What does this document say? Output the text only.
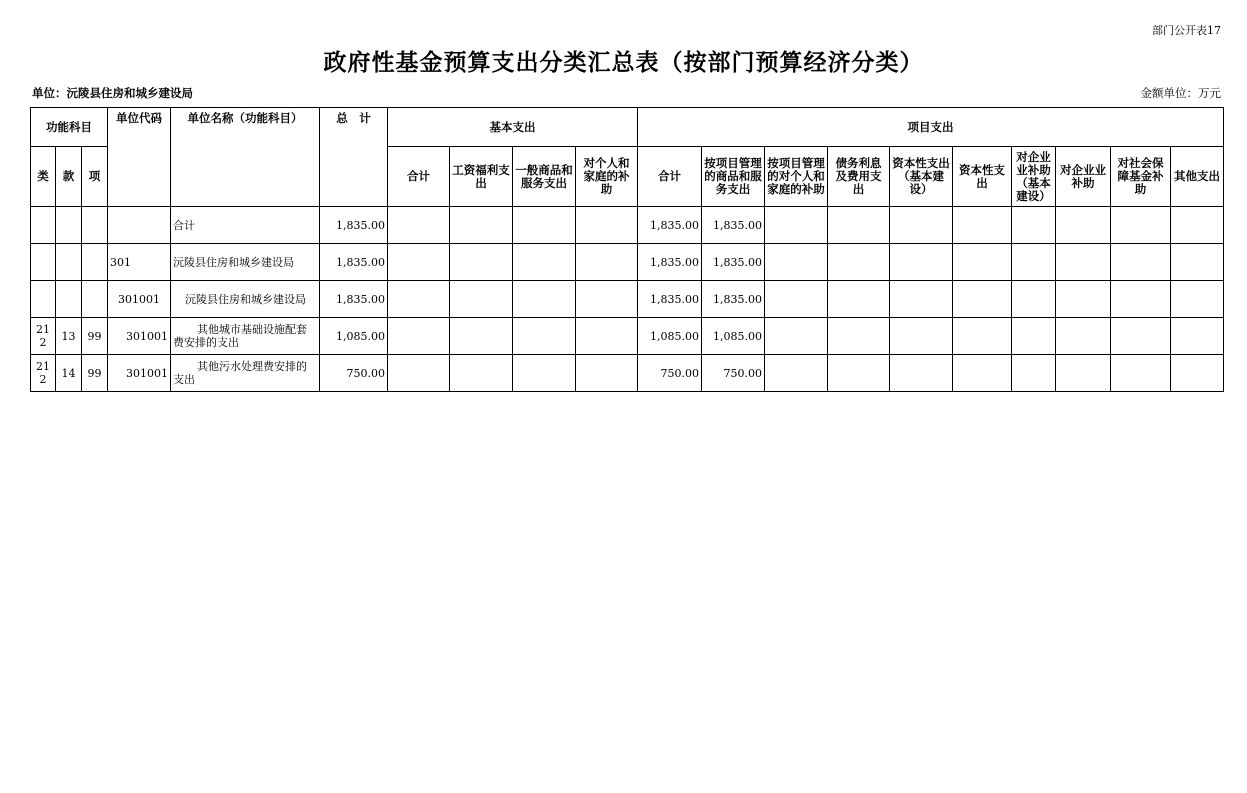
部门公开表17
政府性基金预算支出分类汇总表（按部门预算经济分类）
单位：沅陵县住房和城乡建设局	金额单位：万元
功能科目			单位代码	单位名称（功能科目）	总　计	基本支出				项目支出									
类	款	项				合计	工资福利支出	一般商品和服务支出	对个人和家庭的补助	合计	按项目管理的商品和服务支出	按项目管理的对个人和家庭的补助	债务利息及费用支出	资本性支出（基本建设）	资本性支出	对企业业补助（基本建设）	对企业业补助	对社会保障基金补助	其他支出
				合计	1,835.00					1,835.00	1,835.00								
			301	沅陵县住房和城乡建设局	1,835.00					1,835.00	1,835.00								
			301001	沅陵县住房和城乡建设局	1,835.00					1,835.00	1,835.00								
212	13	99	301001	其他城市基础设施配套费安排的支出	1,085.00					1,085.00	1,085.00								
212	14	99	301001	其他污水处理费安排的支出	750.00					750.00	750.00								
